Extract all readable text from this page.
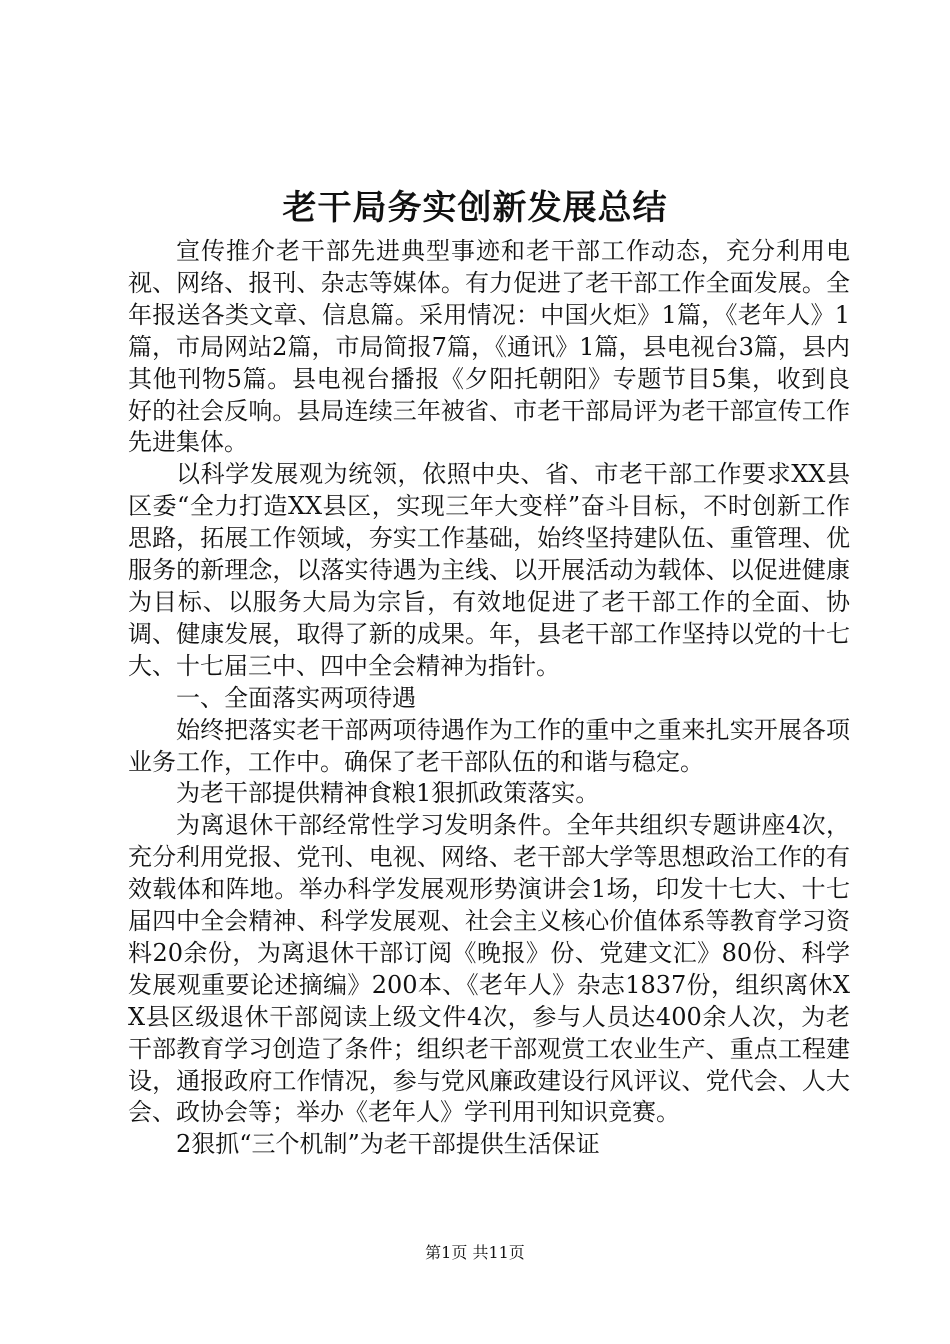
老干局务实创新发展总结

宣传推介老干部先进典型事迹和老干部工作动态，充分利用电视、网络、报刊、杂志等媒体。有力促进了老干部工作全面发展。全年报送各类文章、信息篇。采用情况：中国火炬》1篇，《老年人》1篇，市局网站2篇，市局简报7篇，《通讯》1篇，县电视台3篇，县内其他刊物5篇。县电视台播报《夕阳托朝阳》专题节目5集，收到良好的社会反响。县局连续三年被省、市老干部局评为老干部宣传工作先进集体。

以科学发展观为统领，依照中央、省、市老干部工作要求XX县区委“全力打造XX县区，实现三年大变样”奋斗目标，不时创新工作思路，拓展工作领域，夯实工作基础，始终坚持建队伍、重管理、优服务的新理念，以落实待遇为主线、以开展活动为载体、以促进健康为目标、以服务大局为宗旨，有效地促进了老干部工作的全面、协调、健康发展，取得了新的成果。年，县老干部工作坚持以党的十七大、十七届三中、四中全会精神为指针。

一、全面落实两项待遇

始终把落实老干部两项待遇作为工作的重中之重来扎实开展各项业务工作，工作中。确保了老干部队伍的和谐与稳定。

为老干部提供精神食粮1狠抓政策落实。

为离退休干部经常性学习发明条件。全年共组织专题讲座4次，充分利用党报、党刊、电视、网络、老干部大学等思想政治工作的有效载体和阵地。举办科学发展观形势演讲会1场，印发十七大、十七届四中全会精神、科学发展观、社会主义核心价值体系等教育学习资料20余份，为离退休干部订阅《晚报》份、党建文汇》80份、科学发展观重要论述摘编》200本、《老年人》杂志1837份，组织离休XX县区级退休干部阅读上级文件4次，参与人员达400余人次，为老干部教育学习创造了条件；组织老干部观赏工农业生产、重点工程建设，通报政府工作情况，参与党风廉政建设行风评议、党代会、人大会、政协会等；举办《老年人》学刊用刊知识竞赛。

2狠抓“三个机制”为老干部提供生活保证

第1页 共11页
